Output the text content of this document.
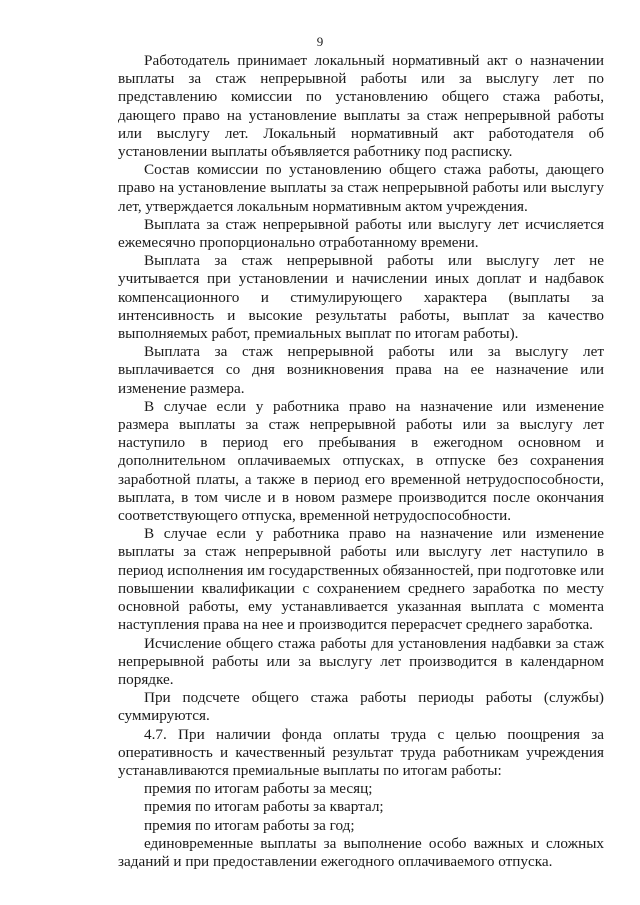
9

Работодатель принимает локальный нормативный акт о назначении выплаты за стаж непрерывной работы или за выслугу лет по представлению комиссии по установлению общего стажа работы, дающего право на установление выплаты за стаж непрерывной работы или выслугу лет. Локальный нормативный акт работодателя об установлении выплаты объявляется работнику под расписку.

Состав комиссии по установлению общего стажа работы, дающего право на установление выплаты за стаж непрерывной работы или выслугу лет, утверждается локальным нормативным актом учреждения.

Выплата за стаж непрерывной работы или выслугу лет исчисляется ежемесячно пропорционально отработанному времени.

Выплата за стаж непрерывной работы или выслугу лет не учитывается при установлении и начислении иных доплат и надбавок компенсационного и стимулирующего характера (выплаты за интенсивность и высокие результаты работы, выплат за качество выполняемых работ, премиальных выплат по итогам работы).

Выплата за стаж непрерывной работы или за выслугу лет выплачивается со дня возникновения права на ее назначение или изменение размера.

В случае если у работника право на назначение или изменение размера выплаты за стаж непрерывной работы или за выслугу лет наступило в период его пребывания в ежегодном основном и дополнительном оплачиваемых отпусках, в отпуске без сохранения заработной платы, а также в период его временной нетрудоспособности, выплата, в том числе и в новом размере производится после окончания соответствующего отпуска, временной нетрудоспособности.

В случае если у работника право на назначение или изменение выплаты за стаж непрерывной работы или выслугу лет наступило в период исполнения им государственных обязанностей, при подготовке или повышении квалификации с сохранением среднего заработка по месту основной работы, ему устанавливается указанная выплата с момента наступления права на нее и производится перерасчет среднего заработка.

Исчисление общего стажа работы для установления надбавки за стаж непрерывной работы или за выслугу лет производится в календарном порядке.

При подсчете общего стажа работы периоды работы (службы) суммируются.

4.7. При наличии фонда оплаты труда с целью поощрения за оперативность и качественный результат труда работникам учреждения устанавливаются премиальные выплаты по итогам работы:

премия по итогам работы за месяц;

премия по итогам работы за квартал;

премия по итогам работы за год;

единовременные выплаты за выполнение особо важных и сложных заданий и при предоставлении ежегодного оплачиваемого отпуска.
